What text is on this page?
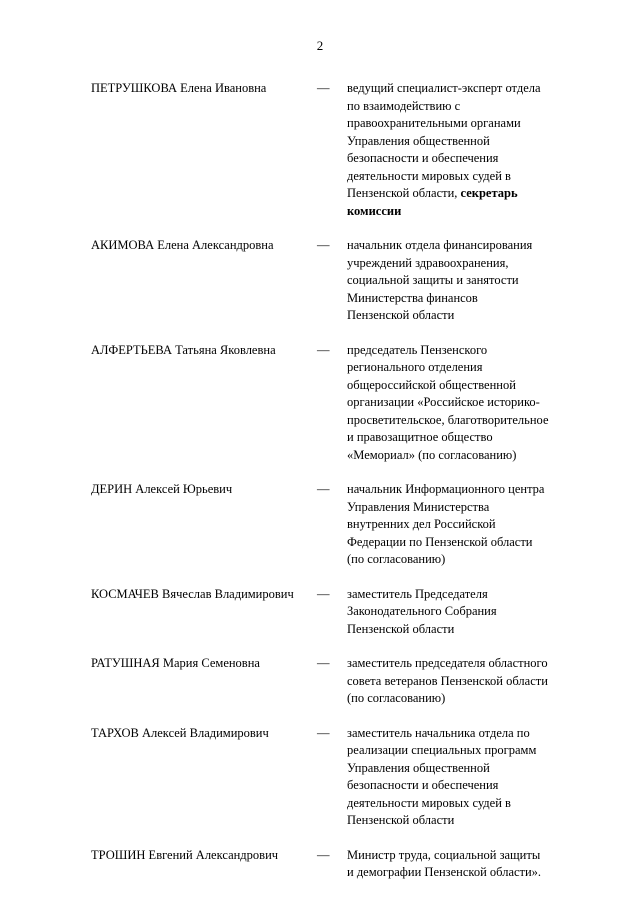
2
ПЕТРУШКОВА Елена Ивановна	—	ведущий специалист-эксперт отдела
по взаимодействию с
правоохранительными органами
Управления общественной
безопасности и обеспечения
деятельности мировых судей в
Пензенской области, секретарь
комиссии
АКИМОВА Елена Александровна	—	начальник отдела финансирования
учреждений здравоохранения,
социальной защиты и занятости
Министерства финансов
Пензенской области
АЛФЕРТЬЕВА Татьяна Яковлевна	—	председатель Пензенского
регионального отделения
общероссийской общественной
организации «Российское историко-
просветительское, благотворительное
и правозащитное общество
«Мемориал» (по согласованию)
ДЕРИН Алексей Юрьевич	—	начальник Информационного центра
Управления Министерства
внутренних дел Российской
Федерации по Пензенской области
(по согласованию)
КОСМАЧЕВ Вячеслав Владимирович	—	заместитель Председателя
Законодательного Собрания
Пензенской области
РАТУШНАЯ Мария Семеновна	—	заместитель председателя областного
совета ветеранов Пензенской области
(по согласованию)
ТАРХОВ Алексей Владимирович	—	заместитель начальника отдела по
реализации специальных программ
Управления общественной
безопасности и обеспечения
деятельности мировых судей в
Пензенской области
ТРОШИН Евгений Александрович	—	Министр труда, социальной защиты
и демографии Пензенской области».
